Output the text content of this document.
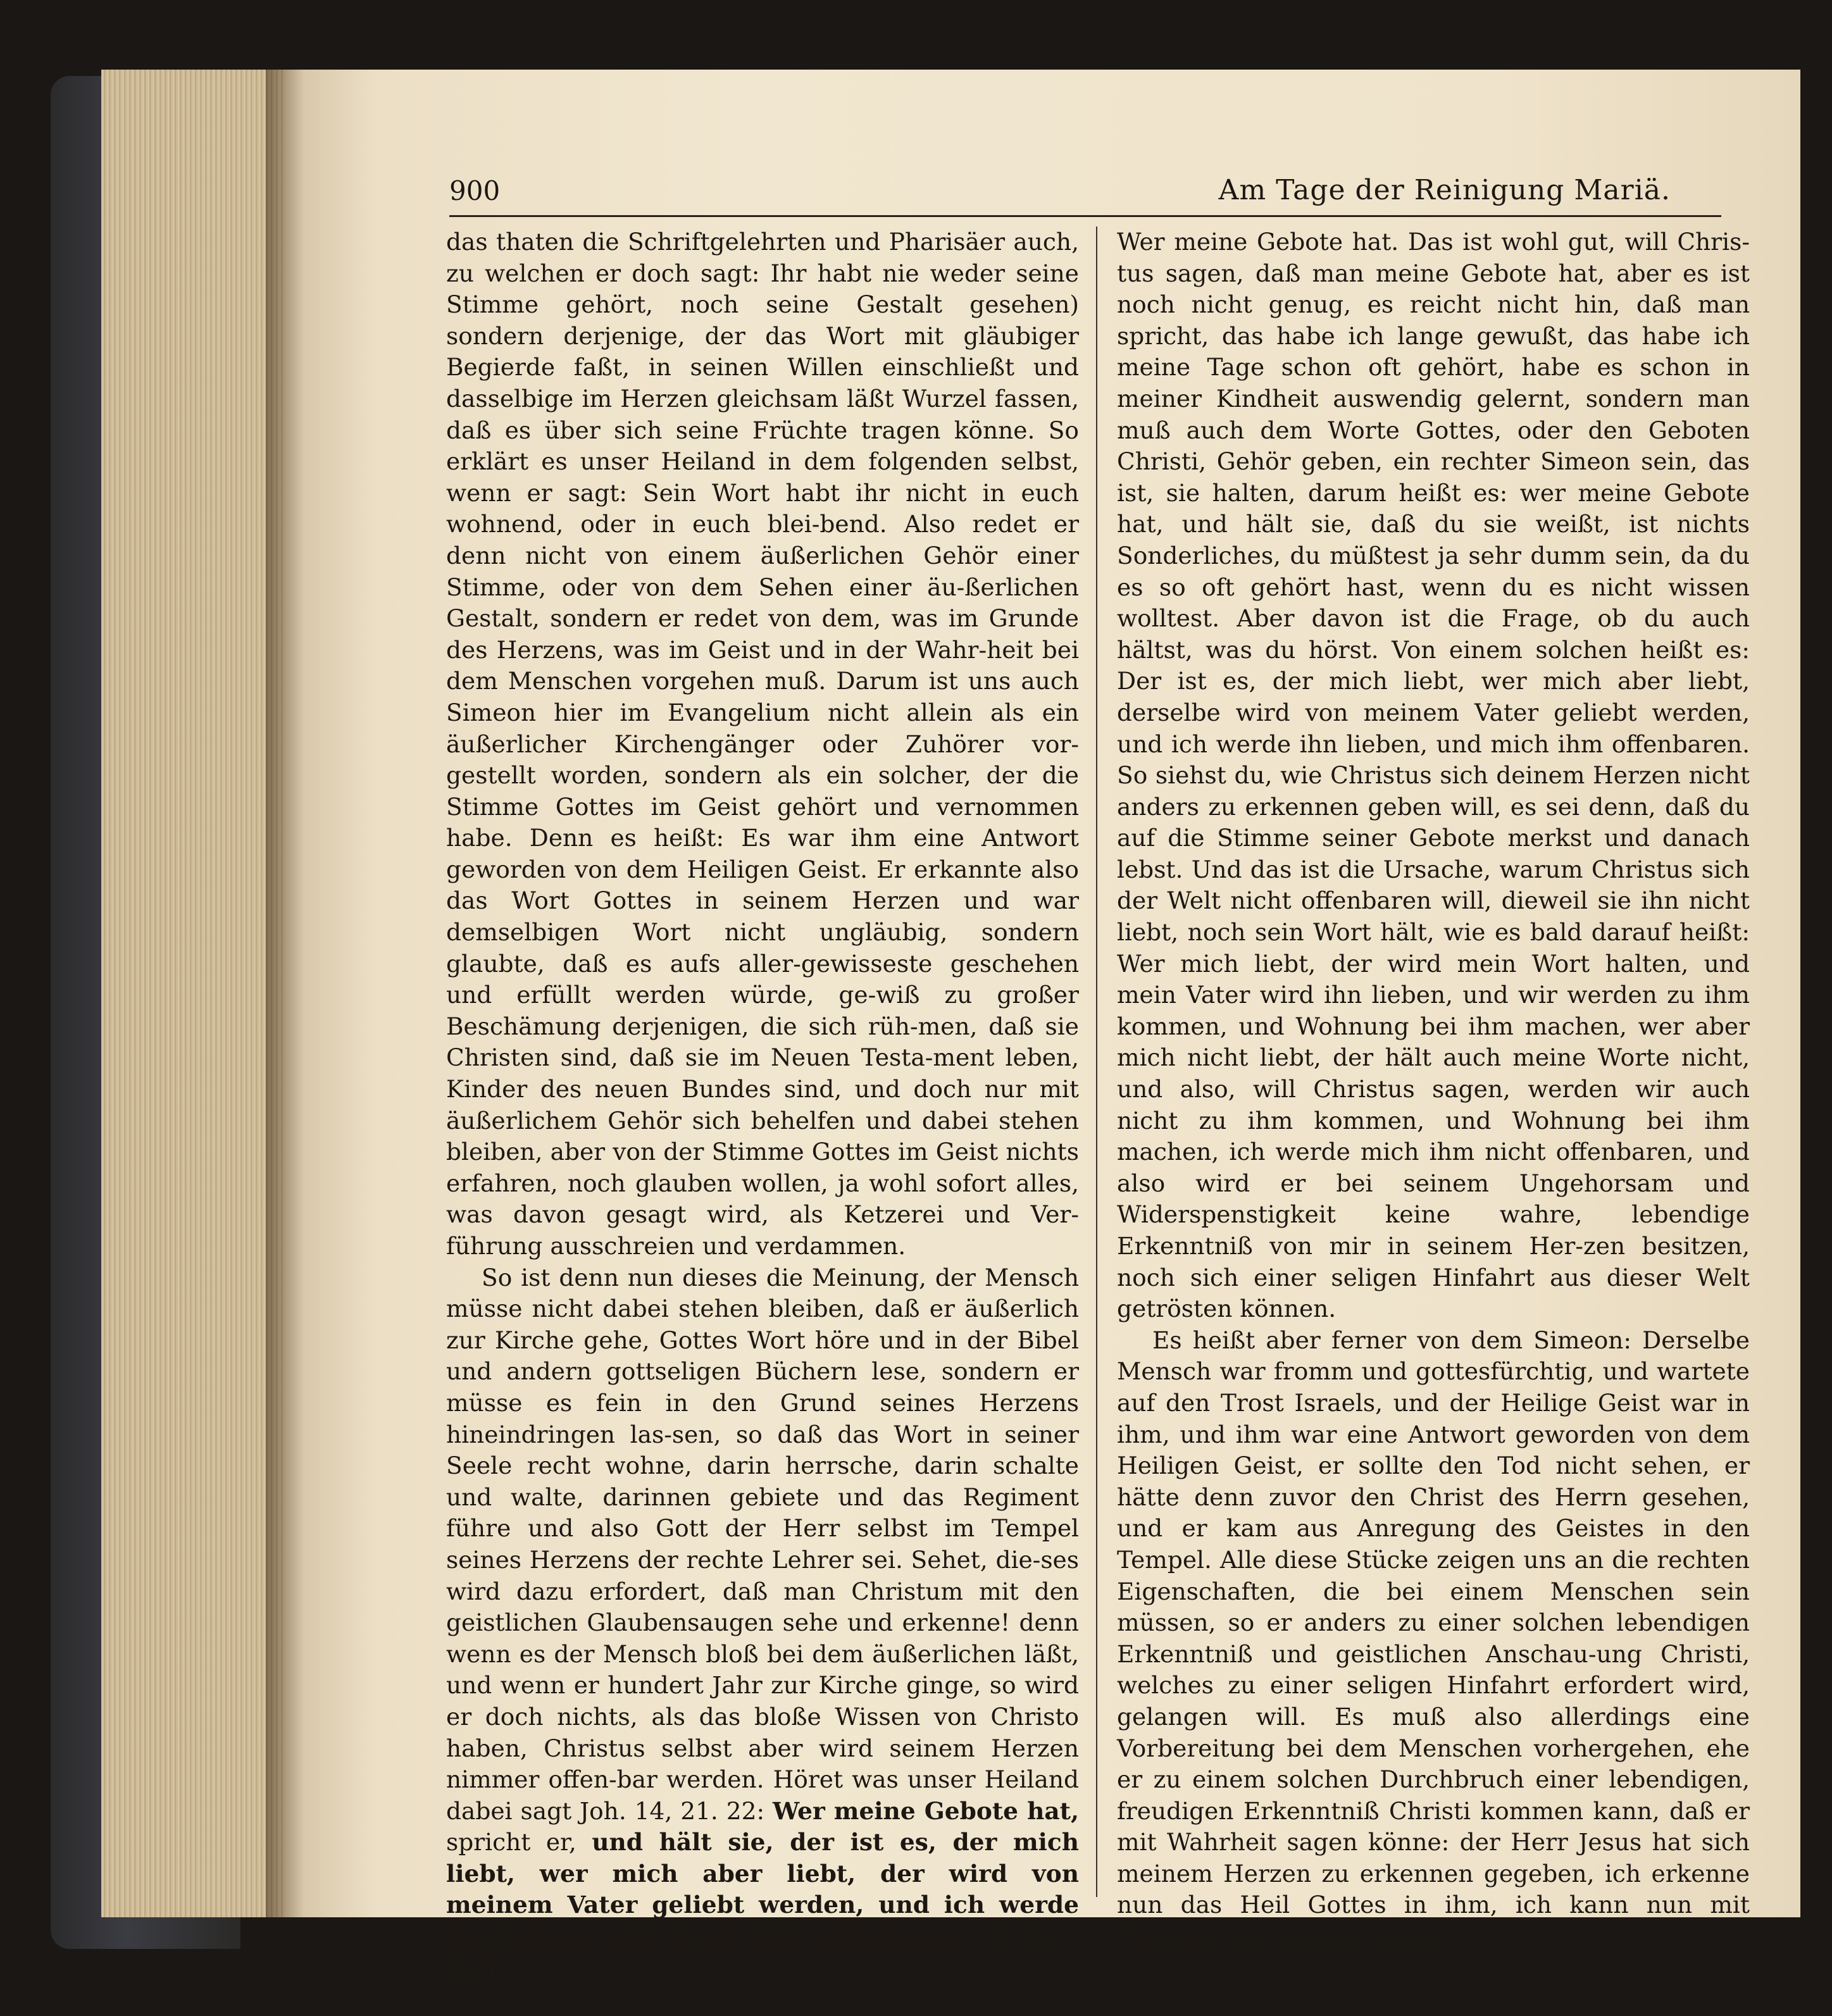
900	Am Tage der Reinigung Mariä.

das thaten die Schriftgelehrten und Pharisäer auch, zu welchen er doch sagt: Ihr habt nie weder seine Stimme gehört, noch seine Gestalt gesehen) sondern derjenige, der das Wort mit gläubiger Begierde faßt, in seinen Willen einschließt und dasselbige im Herzen gleichsam läßt Wurzel fassen, daß es über sich seine Früchte tragen könne. So erklärt es unser Heiland in dem folgenden selbst, wenn er sagt: Sein Wort habt ihr nicht in euch wohnend, oder in euch blei-bend. Also redet er denn nicht von einem äußerlichen Gehör einer Stimme, oder von dem Sehen einer äu-ßerlichen Gestalt, sondern er redet von dem, was im Grunde des Herzens, was im Geist und in der Wahr-heit bei dem Menschen vorgehen muß. Darum ist uns auch Simeon hier im Evangelium nicht allein als ein äußerlicher Kirchengänger oder Zuhörer vor-gestellt worden, sondern als ein solcher, der die Stimme Gottes im Geist gehört und vernommen habe. Denn es heißt: Es war ihm eine Antwort geworden von dem Heiligen Geist. Er erkannte also das Wort Gottes in seinem Herzen und war demselbigen Wort nicht ungläubig, sondern glaubte, daß es aufs aller-gewisseste geschehen und erfüllt werden würde, ge-wiß zu großer Beschämung derjenigen, die sich rüh-men, daß sie Christen sind, daß sie im Neuen Testa-ment leben, Kinder des neuen Bundes sind, und doch nur mit äußerlichem Gehör sich behelfen und dabei stehen bleiben, aber von der Stimme Gottes im Geist nichts erfahren, noch glauben wollen, ja wohl sofort alles, was davon gesagt wird, als Ketzerei und Ver-führung ausschreien und verdammen.

So ist denn nun dieses die Meinung, der Mensch müsse nicht dabei stehen bleiben, daß er äußerlich zur Kirche gehe, Gottes Wort höre und in der Bibel und andern gottseligen Büchern lese, sondern er müsse es fein in den Grund seines Herzens hineindringen las-sen, so daß das Wort in seiner Seele recht wohne, darin herrsche, darin schalte und walte, darinnen gebiete und das Regiment führe und also Gott der Herr selbst im Tempel seines Herzens der rechte Lehrer sei. Sehet, die-ses wird dazu erfordert, daß man Christum mit den geistlichen Glaubensaugen sehe und erkenne! denn wenn es der Mensch bloß bei dem äußerlichen läßt, und wenn er hundert Jahr zur Kirche ginge, so wird er doch nichts, als das bloße Wissen von Christo haben, Christus selbst aber wird seinem Herzen nimmer offen-bar werden. Höret was unser Heiland dabei sagt Joh. 14, 21. 22: Wer meine Gebote hat, spricht er, und hält sie, der ist es, der mich liebt, wer mich aber liebt, der wird von meinem Vater geliebt werden, und ich werde ihn lieben, und mich ihm offenbaren. Erstlich heißt es:

Wer meine Gebote hat. Das ist wohl gut, will Chris-tus sagen, daß man meine Gebote hat, aber es ist noch nicht genug, es reicht nicht hin, daß man spricht, das habe ich lange gewußt, das habe ich meine Tage schon oft gehört, habe es schon in meiner Kindheit auswendig gelernt, sondern man muß auch dem Worte Gottes, oder den Geboten Christi, Gehör geben, ein rechter Simeon sein, das ist, sie halten, darum heißt es: wer meine Gebote hat, und hält sie, daß du sie weißt, ist nichts Sonderliches, du müßtest ja sehr dumm sein, da du es so oft gehört hast, wenn du es nicht wissen wolltest. Aber davon ist die Frage, ob du auch hältst, was du hörst. Von einem solchen heißt es: Der ist es, der mich liebt, wer mich aber liebt, derselbe wird von meinem Vater geliebt werden, und ich werde ihn lieben, und mich ihm offenbaren. So siehst du, wie Christus sich deinem Herzen nicht anders zu erkennen geben will, es sei denn, daß du auf die Stimme seiner Gebote merkst und danach lebst. Und das ist die Ursache, warum Christus sich der Welt nicht offenbaren will, dieweil sie ihn nicht liebt, noch sein Wort hält, wie es bald darauf heißt: Wer mich liebt, der wird mein Wort halten, und mein Vater wird ihn lieben, und wir werden zu ihm kommen, und Wohnung bei ihm machen, wer aber mich nicht liebt, der hält auch meine Worte nicht, und also, will Christus sagen, werden wir auch nicht zu ihm kommen, und Wohnung bei ihm machen, ich werde mich ihm nicht offenbaren, und also wird er bei seinem Ungehorsam und Widerspenstigkeit keine wahre, lebendige Erkenntniß von mir in seinem Her-zen besitzen, noch sich einer seligen Hinfahrt aus dieser Welt getrösten können.

Es heißt aber ferner von dem Simeon: Derselbe Mensch war fromm und gottesfürchtig, und wartete auf den Trost Israels, und der Heilige Geist war in ihm, und ihm war eine Antwort geworden von dem Heiligen Geist, er sollte den Tod nicht sehen, er hätte denn zuvor den Christ des Herrn gesehen, und er kam aus Anregung des Geistes in den Tempel. Alle diese Stücke zeigen uns an die rechten Eigenschaften, die bei einem Menschen sein müssen, so er anders zu einer solchen lebendigen Erkenntniß und geistlichen Anschau-ung Christi, welches zu einer seligen Hinfahrt erfordert wird, gelangen will. Es muß also allerdings eine Vorbereitung bei dem Menschen vorhergehen, ehe er zu einem solchen Durchbruch einer lebendigen, freudigen Erkenntniß Christi kommen kann, daß er mit Wahrheit sagen könne: der Herr Jesus hat sich meinem Herzen zu erkennen gegeben, ich erkenne nun das Heil Gottes in ihm, ich kann nun mit Freuden von hinnen fahren.
